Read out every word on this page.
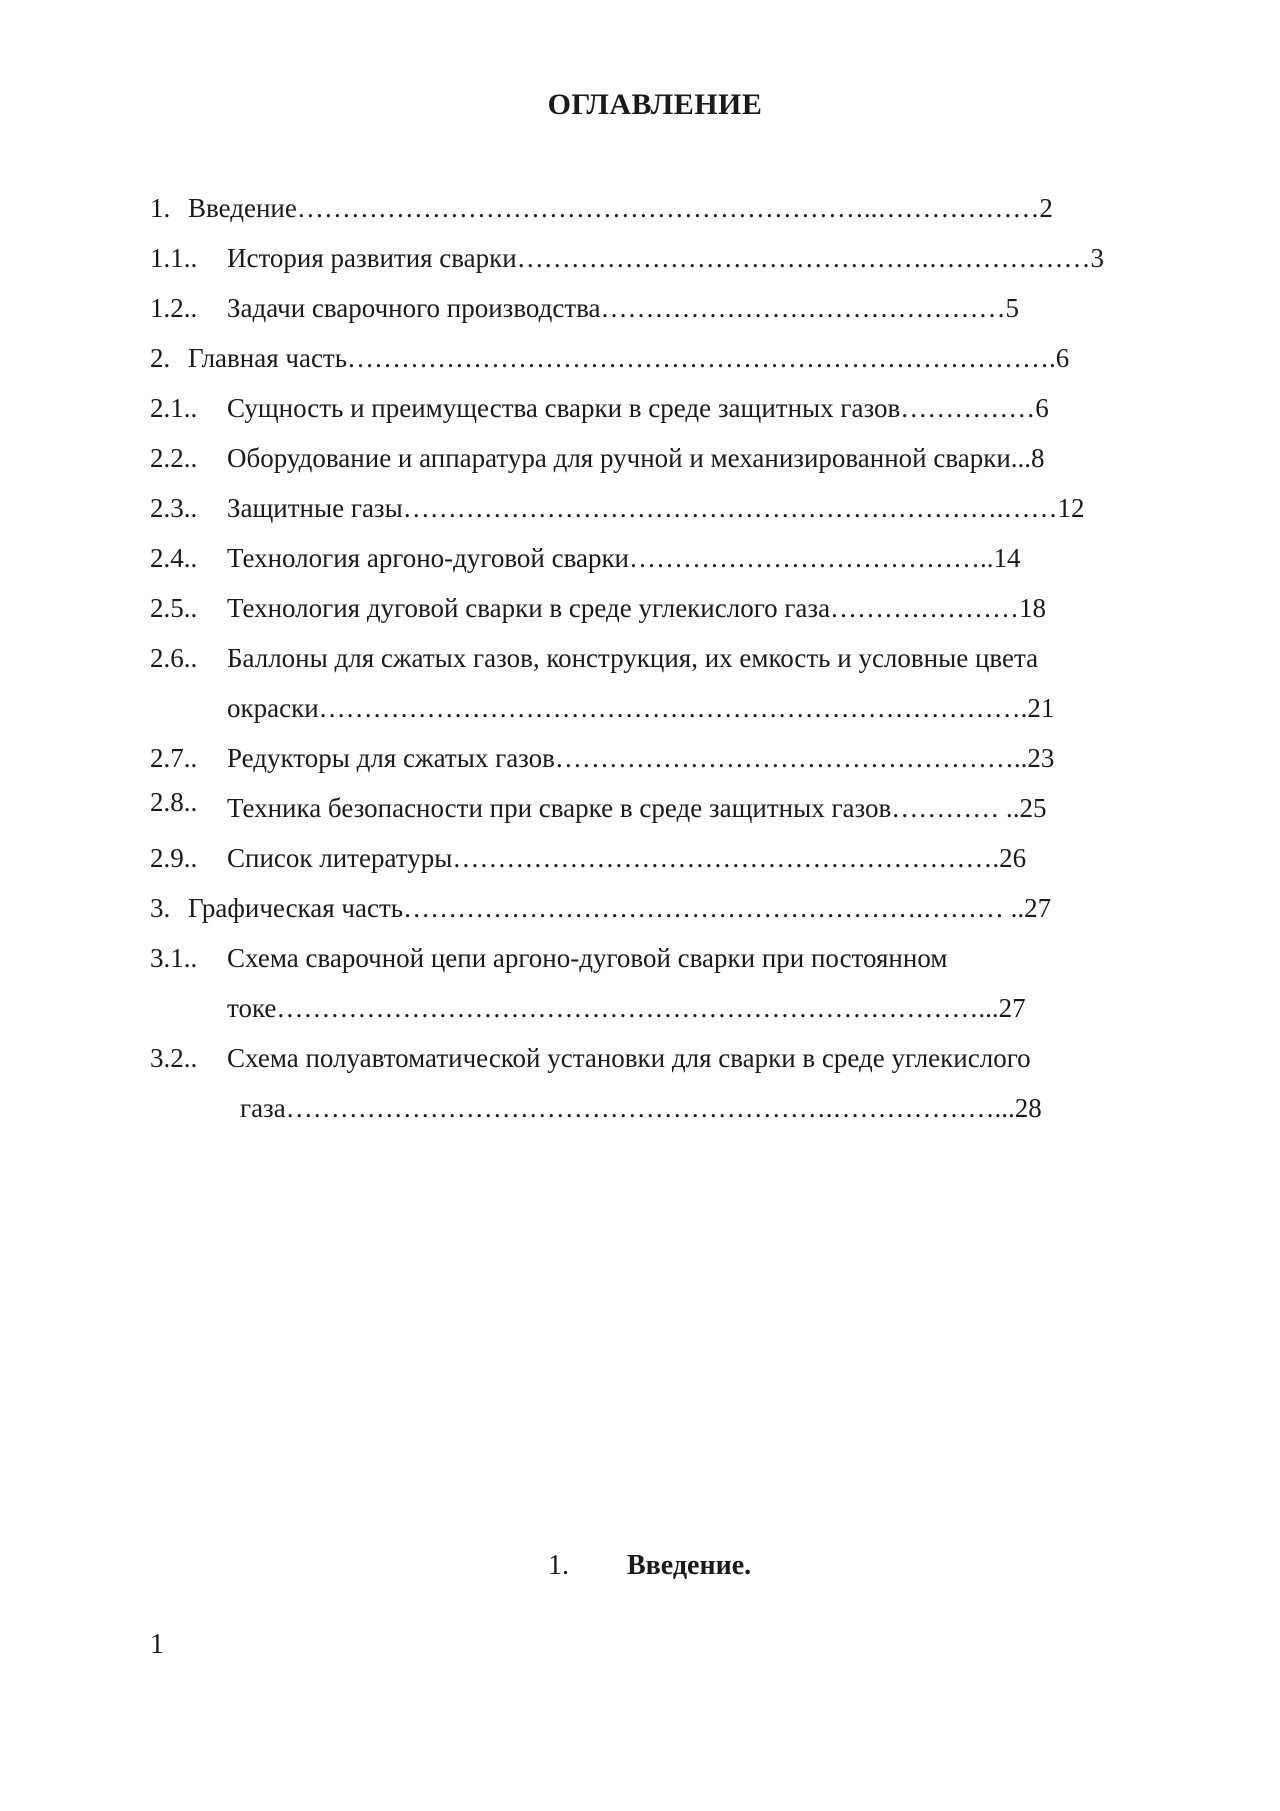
ОГЛАВЛЕНИЕ
1. Введение………………………………………………………..………………2
1.1.. История развития сварки……………………………………….………………3
1.2.. Задачи сварочного производства………………………………………5
2. Главная часть…………………………………………………………………….6
2.1.. Сущность и преимущества сварки в среде защитных газов……………6
2.2.. Оборудование и аппаратура для ручной и механизированной сварки...8
2.3.. Защитные газы………………………………………………………….……12
2.4.. Технология аргоно-дуговой сварки…………………………………..14
2.5.. Технология дуговой сварки в среде углекислого газа…………………18
2.6.. Баллоны для сжатых газов, конструкция, их емкость и условные цвета
окраски…………………………………………………………………….21
2.7.. Редукторы для сжатых газов……………………………………………..23
2.8.. Техника безопасности при сварке в среде защитных газов………… ..25
2.9.. Список литературы…………………………………………………….26
3. Графическая часть………………………………………………….……… ..27
3.1.. Схема сварочной цепи аргоно-дуговой сварки при постоянном
токе……………………………………………………………………...27
3.2.. Схема полуавтоматической установки для сварки в среде углекислого
газа…………………………………………………….………………...28
1. Введение.
1
